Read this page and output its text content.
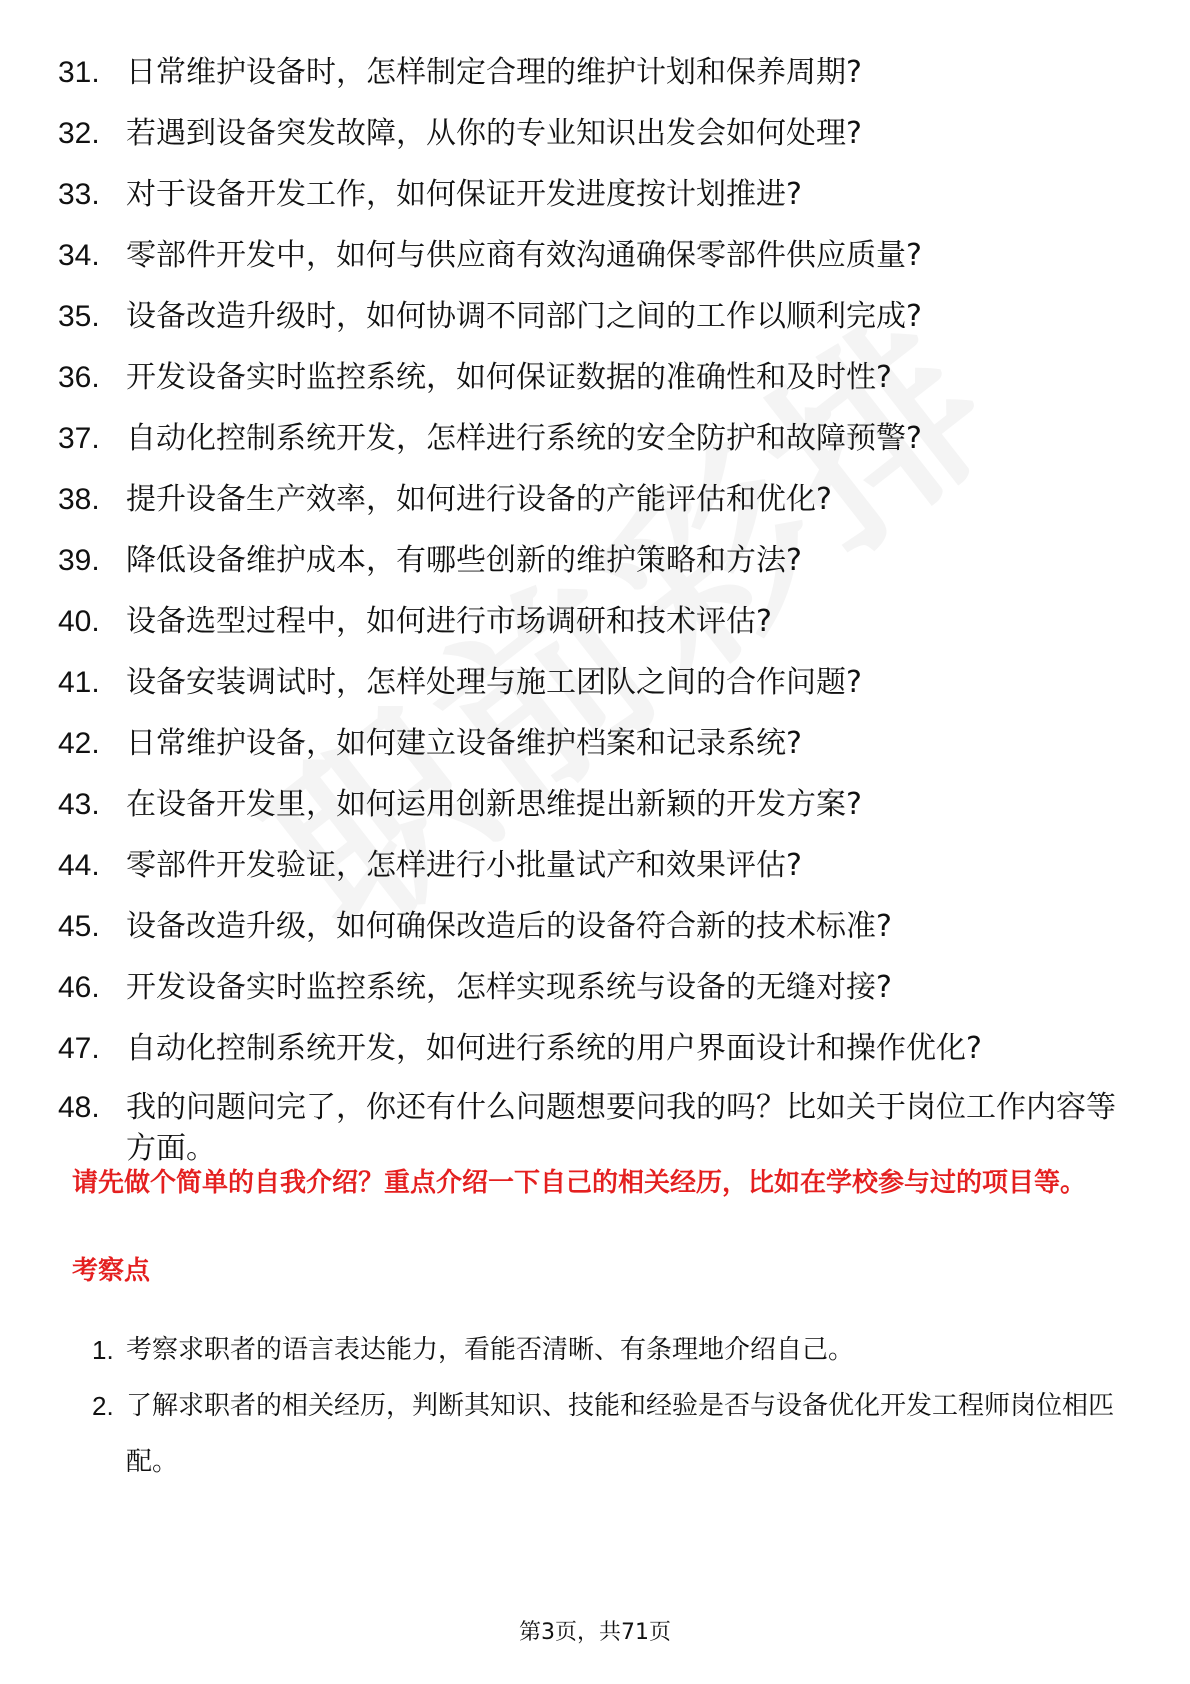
31. 日常维护设备时，怎样制定合理的维护计划和保养周期?
32. 若遇到设备突发故障，从你的专业知识出发会如何处理?
33. 对于设备开发工作，如何保证开发进度按计划推进?
34. 零部件开发中，如何与供应商有效沟通确保零部件供应质量?
35. 设备改造升级时，如何协调不同部门之间的工作以顺利完成?
36. 开发设备实时监控系统，如何保证数据的准确性和及时性?
37. 自动化控制系统开发，怎样进行系统的安全防护和故障预警?
38. 提升设备生产效率，如何进行设备的产能评估和优化?
39. 降低设备维护成本，有哪些创新的维护策略和方法?
40. 设备选型过程中，如何进行市场调研和技术评估?
41. 设备安装调试时，怎样处理与施工团队之间的合作问题?
42. 日常维护设备，如何建立设备维护档案和记录系统?
43. 在设备开发里，如何运用创新思维提出新颖的开发方案?
44. 零部件开发验证，怎样进行小批量试产和效果评估?
45. 设备改造升级，如何确保改造后的设备符合新的技术标准?
46. 开发设备实时监控系统，怎样实现系统与设备的无缝对接?
47. 自动化控制系统开发，如何进行系统的用户界面设计和操作优化?
48. 我的问题问完了，你还有什么问题想要问我的吗？比如关于岗位工作内容等方面。
请先做个简单的自我介绍？重点介绍一下自己的相关经历，比如在学校参与过的项目等。
考察点
1. 考察求职者的语言表达能力，看能否清晰、有条理地介绍自己。
2. 了解求职者的相关经历，判断其知识、技能和经验是否与设备优化开发工程师岗位相匹配。
第3页，共71页
